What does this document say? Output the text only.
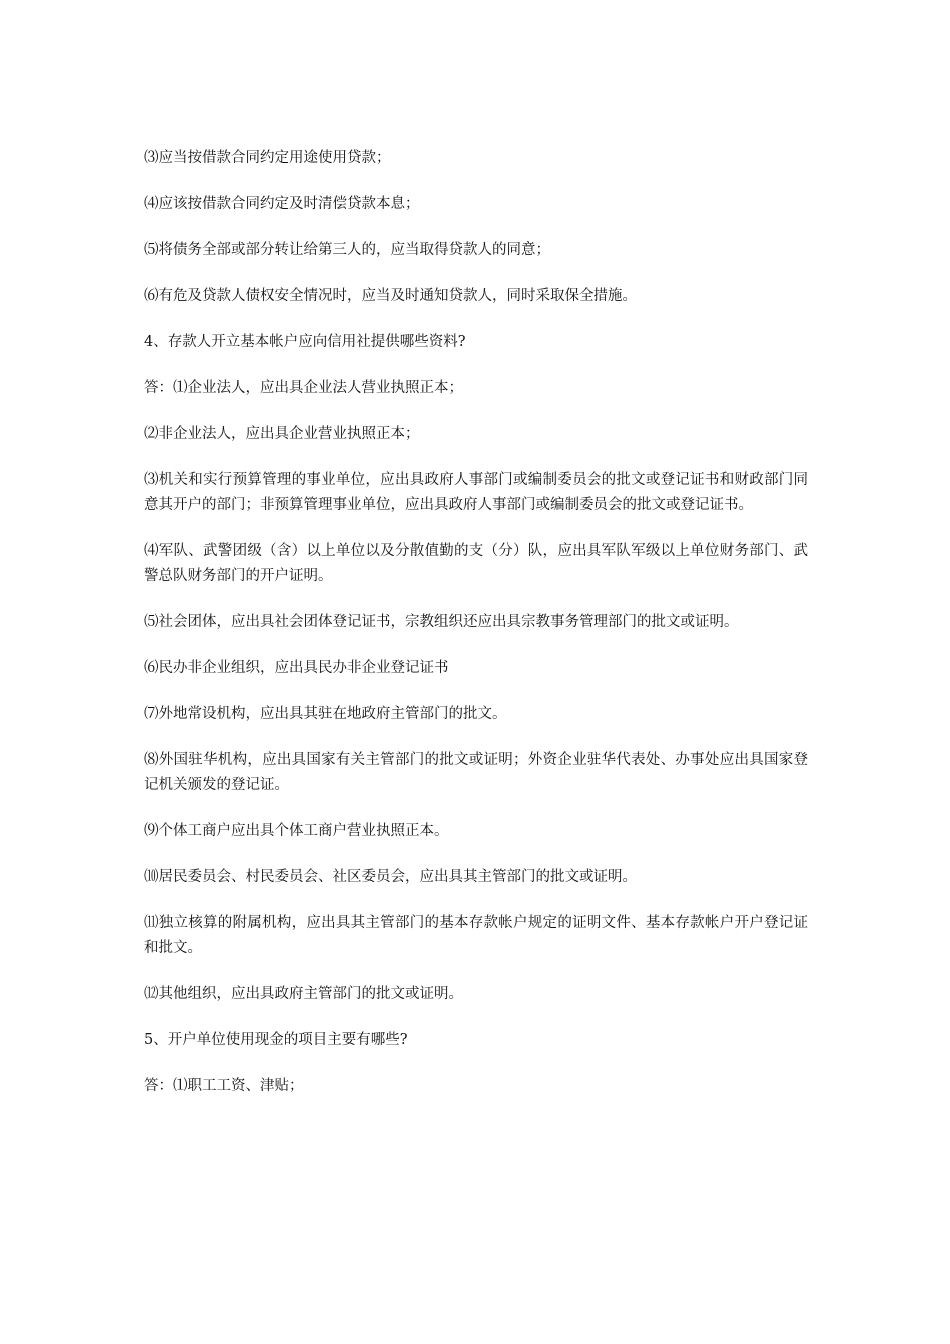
⑶应当按借款合同约定用途使用贷款；

⑷应该按借款合同约定及时清偿贷款本息；

⑸将债务全部或部分转让给第三人的，应当取得贷款人的同意；

⑹有危及贷款人债权安全情况时，应当及时通知贷款人，同时采取保全措施。

4、存款人开立基本帐户应向信用社提供哪些资料?

答：⑴企业法人，应出具企业法人营业执照正本；

⑵非企业法人，应出具企业营业执照正本；

⑶机关和实行预算管理的事业单位，应出具政府人事部门或编制委员会的批文或登记证书和财政部门同意其开户的部门；非预算管理事业单位，应出具政府人事部门或编制委员会的批文或登记证书。

⑷军队、武警团级（含）以上单位以及分散值勤的支（分）队，应出具军队军级以上单位财务部门、武警总队财务部门的开户证明。

⑸社会团体，应出具社会团体登记证书，宗教组织还应出具宗教事务管理部门的批文或证明。

⑹民办非企业组织，应出具民办非企业登记证书

⑺外地常设机构，应出具其驻在地政府主管部门的批文。

⑻外国驻华机构，应出具国家有关主管部门的批文或证明；外资企业驻华代表处、办事处应出具国家登记机关颁发的登记证。

⑼个体工商户应出具个体工商户营业执照正本。

⑽居民委员会、村民委员会、社区委员会，应出具其主管部门的批文或证明。

⑾独立核算的附属机构，应出具其主管部门的基本存款帐户规定的证明文件、基本存款帐户开户登记证和批文。

⑿其他组织，应出具政府主管部门的批文或证明。

5、开户单位使用现金的项目主要有哪些?

答：⑴职工工资、津贴；
